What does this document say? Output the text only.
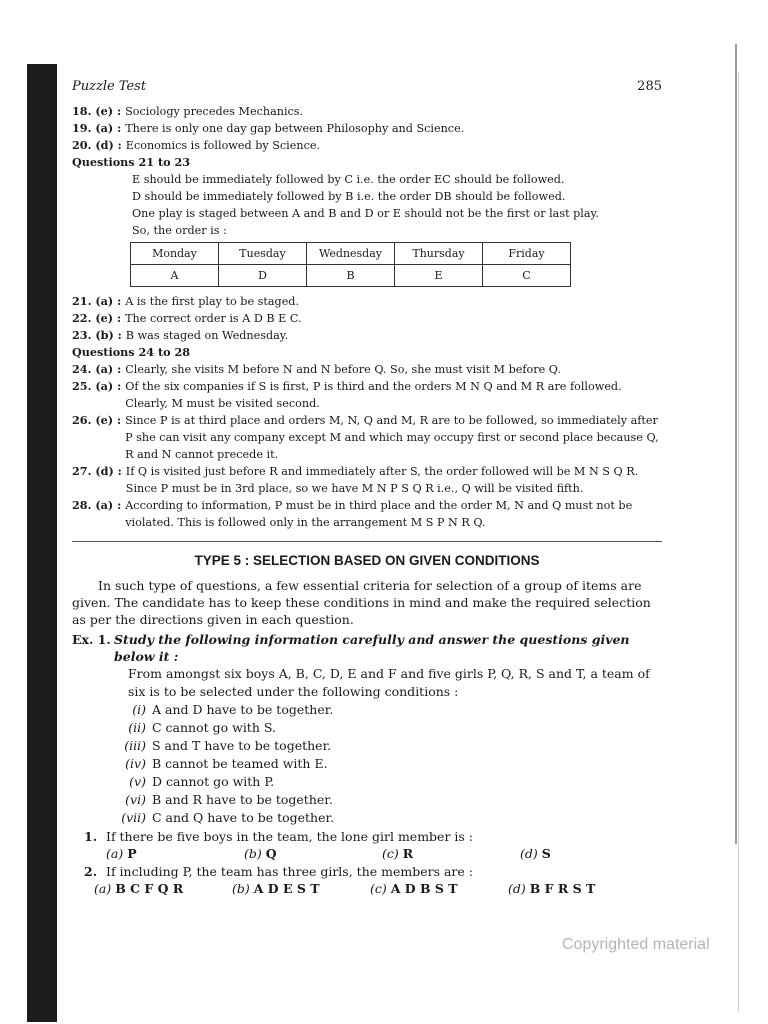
Puzzle Test	285
18. (e) : Sociology precedes Mechanics.
19. (a) : There is only one day gap between Philosophy and Science.
20. (d) : Economics is followed by Science.
Questions 21 to 23
E should be immediately followed by C i.e. the order EC should be followed.
D should be immediately followed by B i.e. the order DB should be followed.
One play is staged between A and B and D or E should not be the first or last play.
So, the order is :
Monday	Tuesday	Wednesday	Thursday	Friday
A	D	B	E	C
21. (a) : A is the first play to be staged.
22. (e) : The correct order is A D B E C.
23. (b) : B was staged on Wednesday.
Questions 24 to 28
24. (a) : Clearly, she visits M before N and N before Q. So, she must visit M before Q.
25. (a) : Of the six companies if S is first, P is third and the orders M N Q and M R are followed. Clearly, M must be visited second.
26. (e) : Since P is at third place and orders M, N, Q and M, R are to be followed, so immediately after P she can visit any company except M and which may occupy first or second place because Q, R and N cannot precede it.
27. (d) : If Q is visited just before R and immediately after S, the order followed will be M N S Q R. Since P must be in 3rd place, so we have M N P S Q R i.e., Q will be visited fifth.
28. (a) : According to information, P must be in third place and the order M, N and Q must not be violated. This is followed only in the arrangement M S P N R Q.
TYPE 5 : SELECTION BASED ON GIVEN CONDITIONS
In such type of questions, a few essential criteria for selection of a group of items are given. The candidate has to keep these conditions in mind and make the required selection as per the directions given in each question.
Ex. 1. Study the following information carefully and answer the questions given below it :
From amongst six boys A, B, C, D, E and F and five girls P, Q, R, S and T, a team of six is to be selected under the following conditions :
(i) A and D have to be together.
(ii) C cannot go with S.
(iii) S and T have to be together.
(iv) B cannot be teamed with E.
(v) D cannot go with P.
(vi) B and R have to be together.
(vii) C and Q have to be together.
1. If there be five boys in the team, the lone girl member is :
(a) P	(b) Q	(c) R	(d) S
2. If including P, the team has three girls, the members are :
(a) B C F Q R	(b) A D E S T	(c) A D B S T	(d) B F R S T
Copyrighted material
